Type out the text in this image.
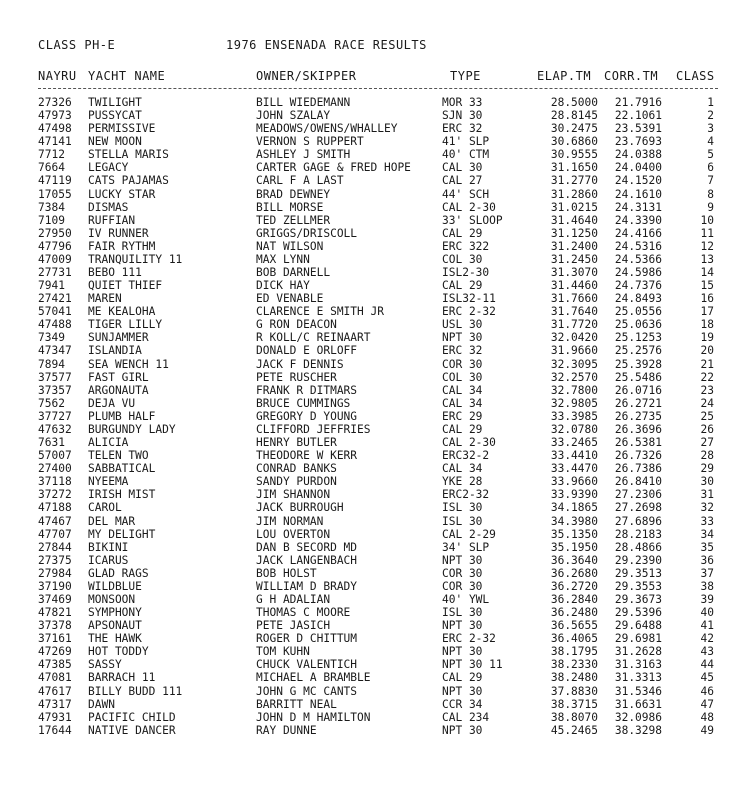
CLASS PH-E	1976 ENSENADA RACE RESULTS
NAYRU YACHT NAME	OWNER/SKIPPER	TYPE	ELAP.TM CORR.TM CLASS
27326 TWILIGHT	BILL WIEDEMANN	MOR 33	28.5000	21.7916	1
47973 PUSSYCAT	JOHN SZALAY	SJN 30	28.8145	22.1061	2
47498 PERMISSIVE	MEADOWS/OWENS/WHALLEY	ERC 32	30.2475	23.5391	3
47141 NEW MOON	VERNON S RUPPERT	41' SLP	30.6860	23.7693	4
7712 STELLA MARIS	ASHLEY J SMITH	40' CTM	30.9555	24.0388	5
7664 LEGACY	CARTER GAGE & FRED HOPE	CAL 30	31.1650	24.0400	6
47119 CATS PAJAMAS	CARL F A LAST	CAL 27	31.2770	24.1520	7
17055 LUCKY STAR	BRAD DEWNEY	44' SCH	31.2860	24.1610	8
7384 DISMAS	BILL MORSE	CAL 2-30	31.0215	24.3131	9
7109 RUFFIAN	TED ZELLMER	33' SLOOP	31.4640	24.3390	10
27950 IV RUNNER	GRIGGS/DRISCOLL	CAL 29	31.1250	24.4166	11
47796 FAIR RYTHM	NAT WILSON	ERC 322	31.2400	24.5316	12
47009 TRANQUILITY 11	MAX LYNN	COL 30	31.2450	24.5366	13
27731 BEBO 111	BOB DARNELL	ISL2-30	31.3070	24.5986	14
7941 QUIET THIEF	DICK HAY	CAL 29	31.4460	24.7376	15
27421 MAREN	ED VENABLE	ISL32-11	31.7660	24.8493	16
57041 ME KEALOHA	CLARENCE E SMITH JR	ERC 2-32	31.7640	25.0556	17
47488 TIGER LILLY	G RON DEACON	USL 30	31.7720	25.0636	18
7349 SUNJAMMER	R KOLL/C REINAART	NPT 30	32.0420	25.1253	19
47347 ISLANDIA	DONALD E ORLOFF	ERC 32	31.9660	25.2576	20
7894 SEA WENCH 11	JACK F DENNIS	COR 30	32.3095	25.3928	21
37577 FAST GIRL	PETE RUSCHER	COL 30	32.2570	25.5486	22
37357 ARGONAUTA	FRANK R DITMARS	CAL 34	32.7800	26.0716	23
7562 DEJA VU	BRUCE CUMMINGS	CAL 34	32.9805	26.2721	24
37727 PLUMB HALF	GREGORY D YOUNG	ERC 29	33.3985	26.2735	25
47632 BURGUNDY LADY	CLIFFORD JEFFRIES	CAL 29	32.0780	26.3696	26
7631 ALICIA	HENRY BUTLER	CAL 2-30	33.2465	26.5381	27
57007 TELEN TWO	THEODORE W KERR	ERC32-2	33.4410	26.7326	28
27400 SABBATICAL	CONRAD BANKS	CAL 34	33.4470	26.7386	29
37118 NYEEMA	SANDY PURDON	YKE 28	33.9660	26.8410	30
37272 IRISH MIST	JIM SHANNON	ERC2-32	33.9390	27.2306	31
47188 CAROL	JACK BURROUGH	ISL 30	34.1865	27.2698	32
47467 DEL MAR	JIM NORMAN	ISL 30	34.3980	27.6896	33
47707 MY DELIGHT	LOU OVERTON	CAL 2-29	35.1350	28.2183	34
27844 BIKINI	DAN B SECORD MD	34' SLP	35.1950	28.4866	35
27375 ICARUS	JACK LANGENBACH	NPT 30	36.3640	29.2390	36
27984 GLAD RAGS	BOB HOLST	COR 30	36.2680	29.3513	37
37190 WILDBLUE	WILLIAM D BRADY	COR 30	36.2720	29.3553	38
37469 MONSOON	G H ADALIAN	40' YWL	36.2840	29.3673	39
47821 SYMPHONY	THOMAS C MOORE	ISL 30	36.2480	29.5396	40
37378 APSONAUT	PETE JASICH	NPT 30	36.5655	29.6488	41
37161 THE HAWK	ROGER D CHITTUM	ERC 2-32	36.4065	29.6981	42
47269 HOT TODDY	TOM KUHN	NPT 30	38.1795	31.2628	43
47385 SASSY	CHUCK VALENTICH	NPT 30 11	38.2330	31.3163	44
47081 BARRACH 11	MICHAEL A BRAMBLE	CAL 29	38.2480	31.3313	45
47617 BILLY BUDD 111	JOHN G MC CANTS	NPT 30	37.8830	31.5346	46
47317 DAWN	BARRITT NEAL	CCR 34	38.3715	31.6631	47
47931 PACIFIC CHILD	JOHN D M HAMILTON	CAL 234	38.8070	32.0986	48
17644 NATIVE DANCER	RAY DUNNE	NPT 30	45.2465	38.3298	49
